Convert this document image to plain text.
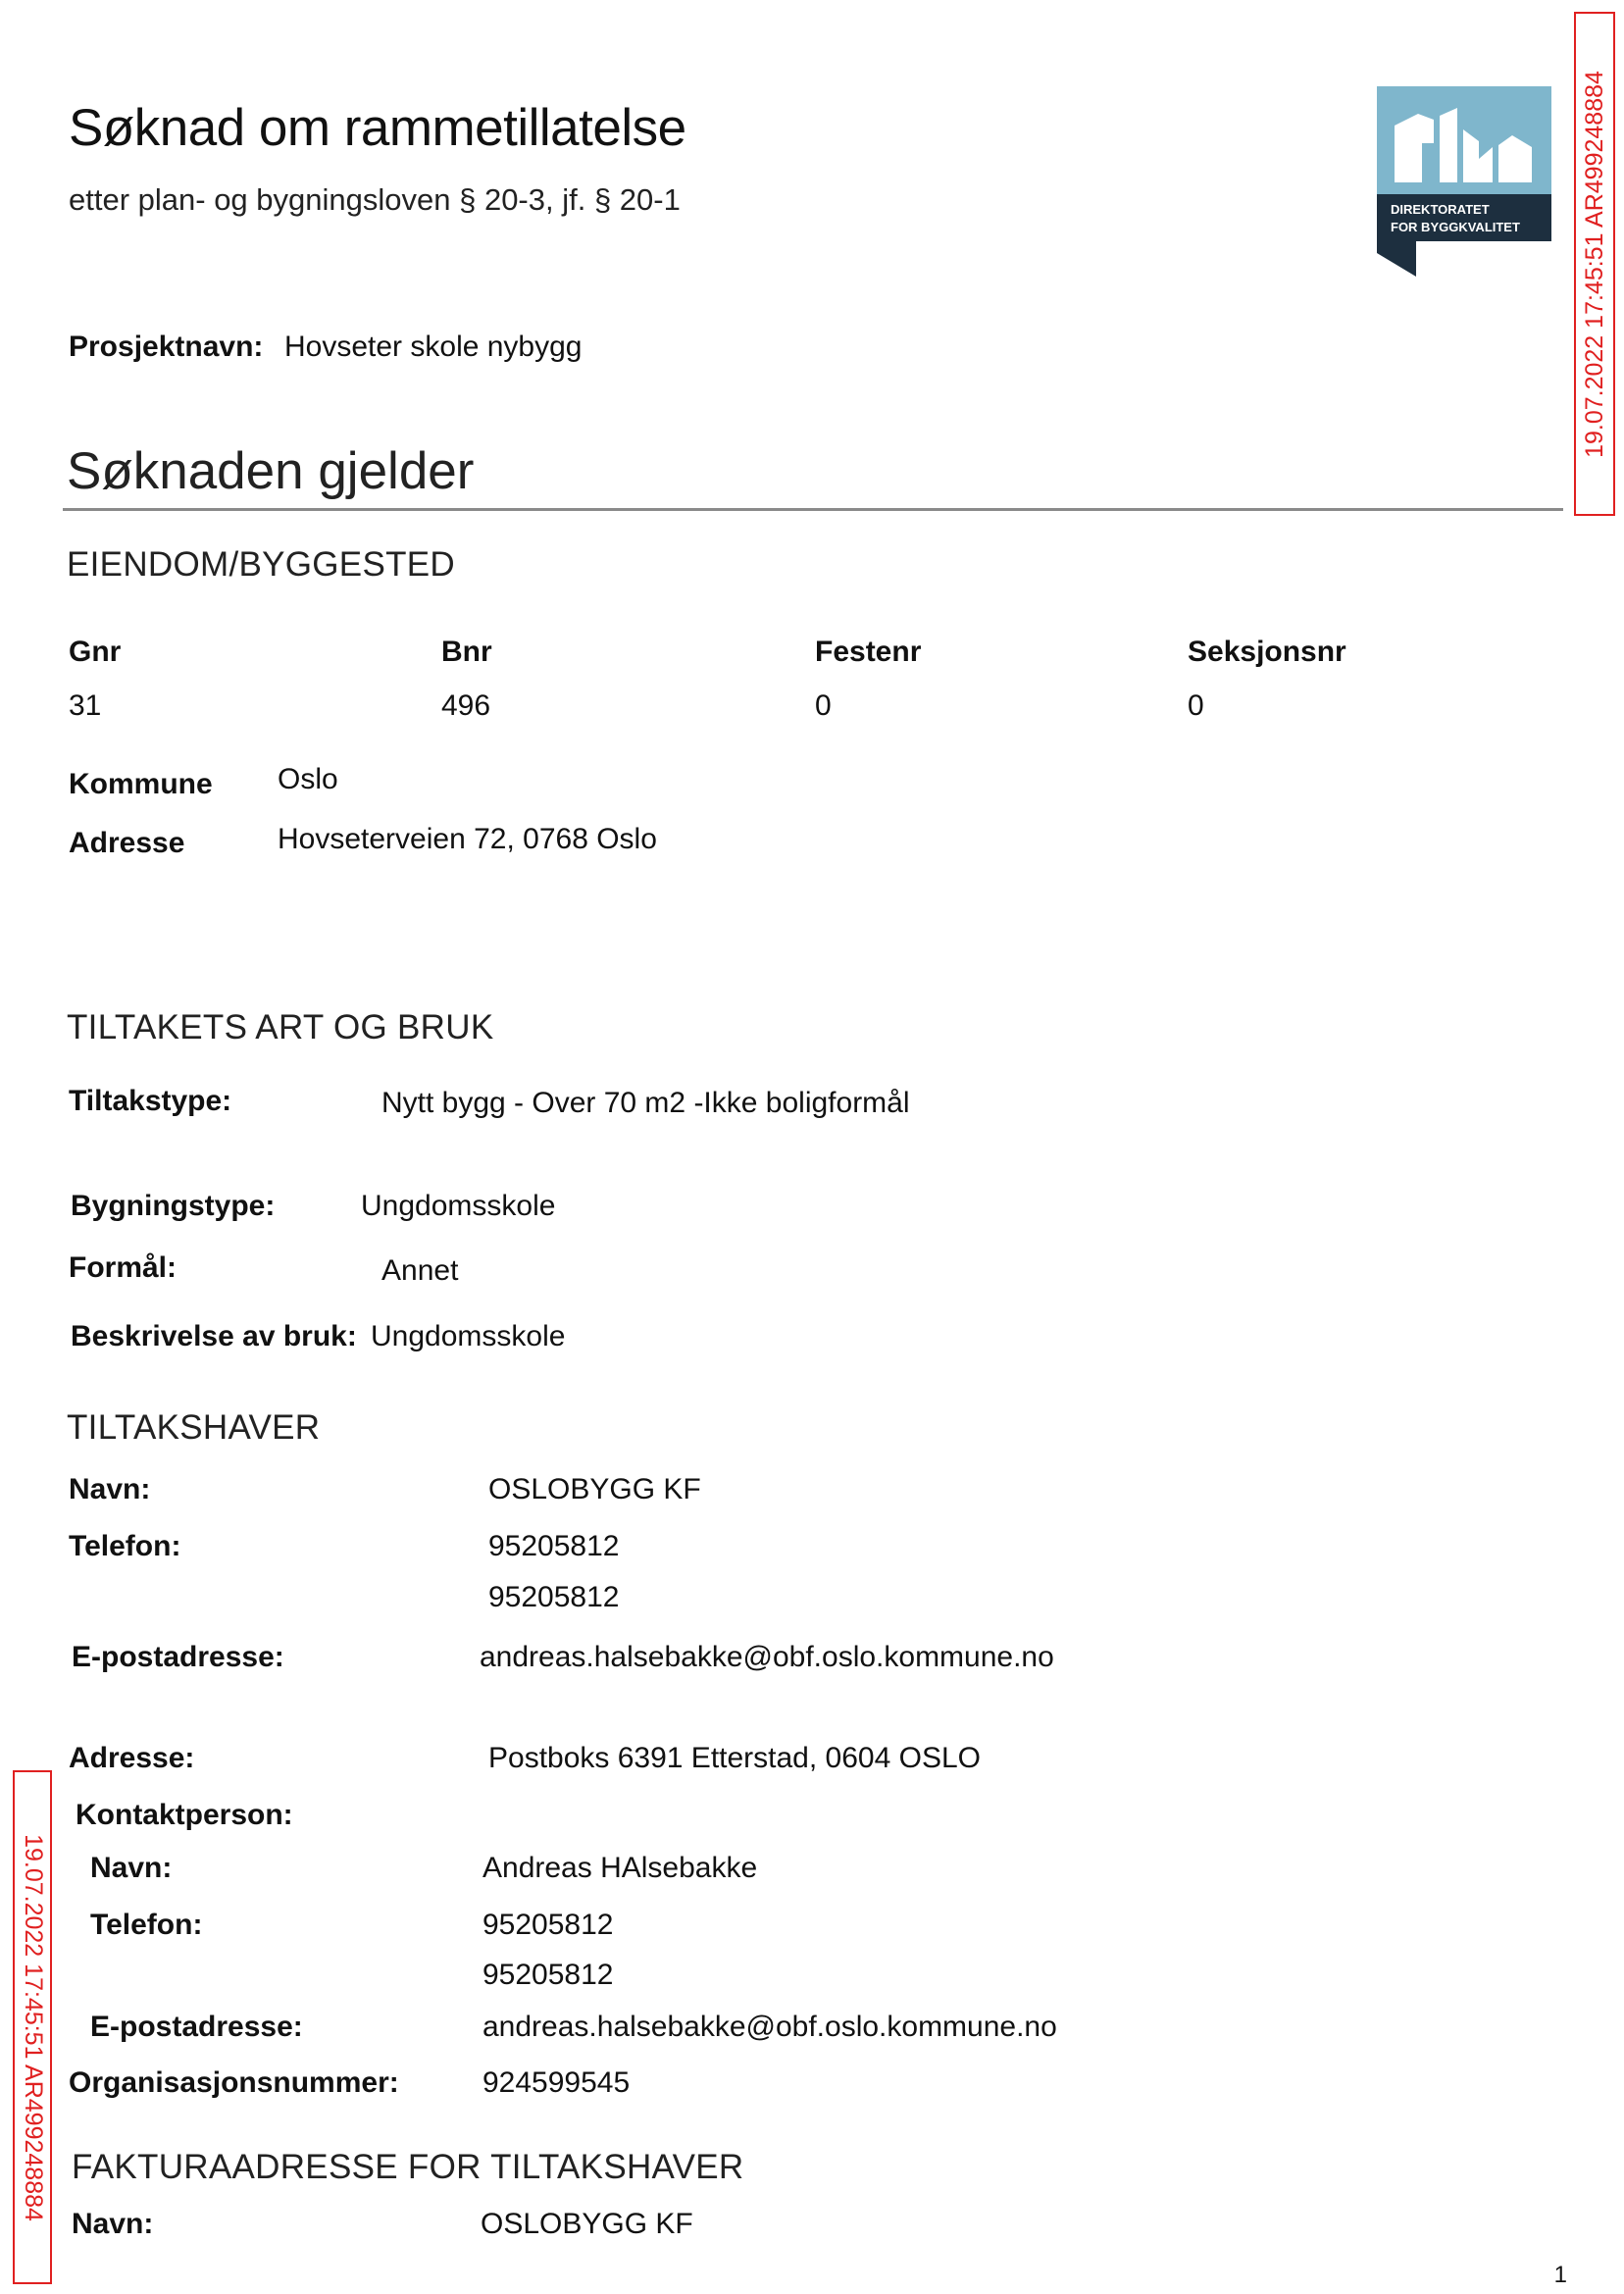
Søknad om rammetillatelse
etter plan- og bygningsloven § 20-3, jf. § 20-1	DIREKTORATET
FOR BYGGKVALITET 19.07.2022 17:45:51 AR499248884
19.07.2022 17:45:51 AR499248884
Prosjektnavn: Hovseter skole nybygg
Søknaden gjelder
EIENDOM/BYGGESTED
Gnr	Bnr	Festenr	Seksjonsnr
31	496	0	0
Kommune Oslo
Adresse	Hovseterveien 72, 0768 Oslo
TILTAKETS ART OG BRUK
Tiltakstype:	Nytt bygg - Over 70 m2 -Ikke boligformål
Bygningstype:	Ungdomsskole
Formål:	Annet
Beskrivelse av bruk: Ungdomsskole
TILTAKSHAVER
Navn:	OSLOBYGG KF
Telefon:	95205812
95205812
E-postadresse:	andreas.halsebakke@obf.oslo.kommune.no
Adresse:	Postboks 6391 Etterstad, 0604 OSLO
Kontaktperson:
Navn:	Andreas HAlsebakke
Telefon:	95205812
95205812
E-postadresse:	andreas.halsebakke@obf.oslo.kommune.no
Organisasjonsnummer:	924599545
FAKTURAADRESSE FOR TILTAKSHAVER
Navn:	OSLOBYGG KF
1
